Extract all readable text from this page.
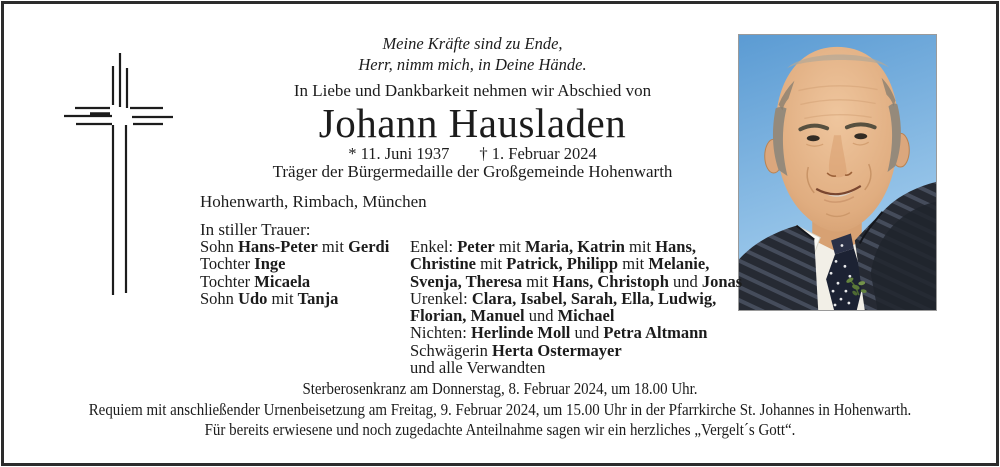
Meine Kräfte sind zu Ende,
Herr, nimm mich, in Deine Hände.
In Liebe und Dankbarkeit nehmen wir Abschied von
Johann Hausladen
* 11. Juni 1937 † 1. Februar 2024
Träger der Bürgermedaille der Großgemeinde Hohenwarth
Hohenwarth, Rimbach, München
In stiller Trauer:
Sohn Hans-Peter mit Gerdi
Tochter Inge
Tochter Micaela
Sohn Udo mit Tanja
Enkel: Peter mit Maria, Katrin mit Hans,
Christine mit Patrick, Philipp mit Melanie,
Svenja, Theresa mit Hans, Christoph und Jonas
Urenkel: Clara, Isabel, Sarah, Ella, Ludwig,
Florian, Manuel und Michael
Nichten: Herlinde Moll und Petra Altmann
Schwägerin Herta Ostermayer
und alle Verwandten
Sterberosenkranz am Donnerstag, 8. Februar 2024, um 18.00 Uhr.
Requiem mit anschließender Urnenbeisetzung am Freitag, 9. Februar 2024, um 15.00 Uhr in der Pfarrkirche St. Johannes in Hohenwarth.
Für bereits erwiesene und noch zugedachte Anteilnahme sagen wir ein herzliches „Vergelt´s Gott“.
